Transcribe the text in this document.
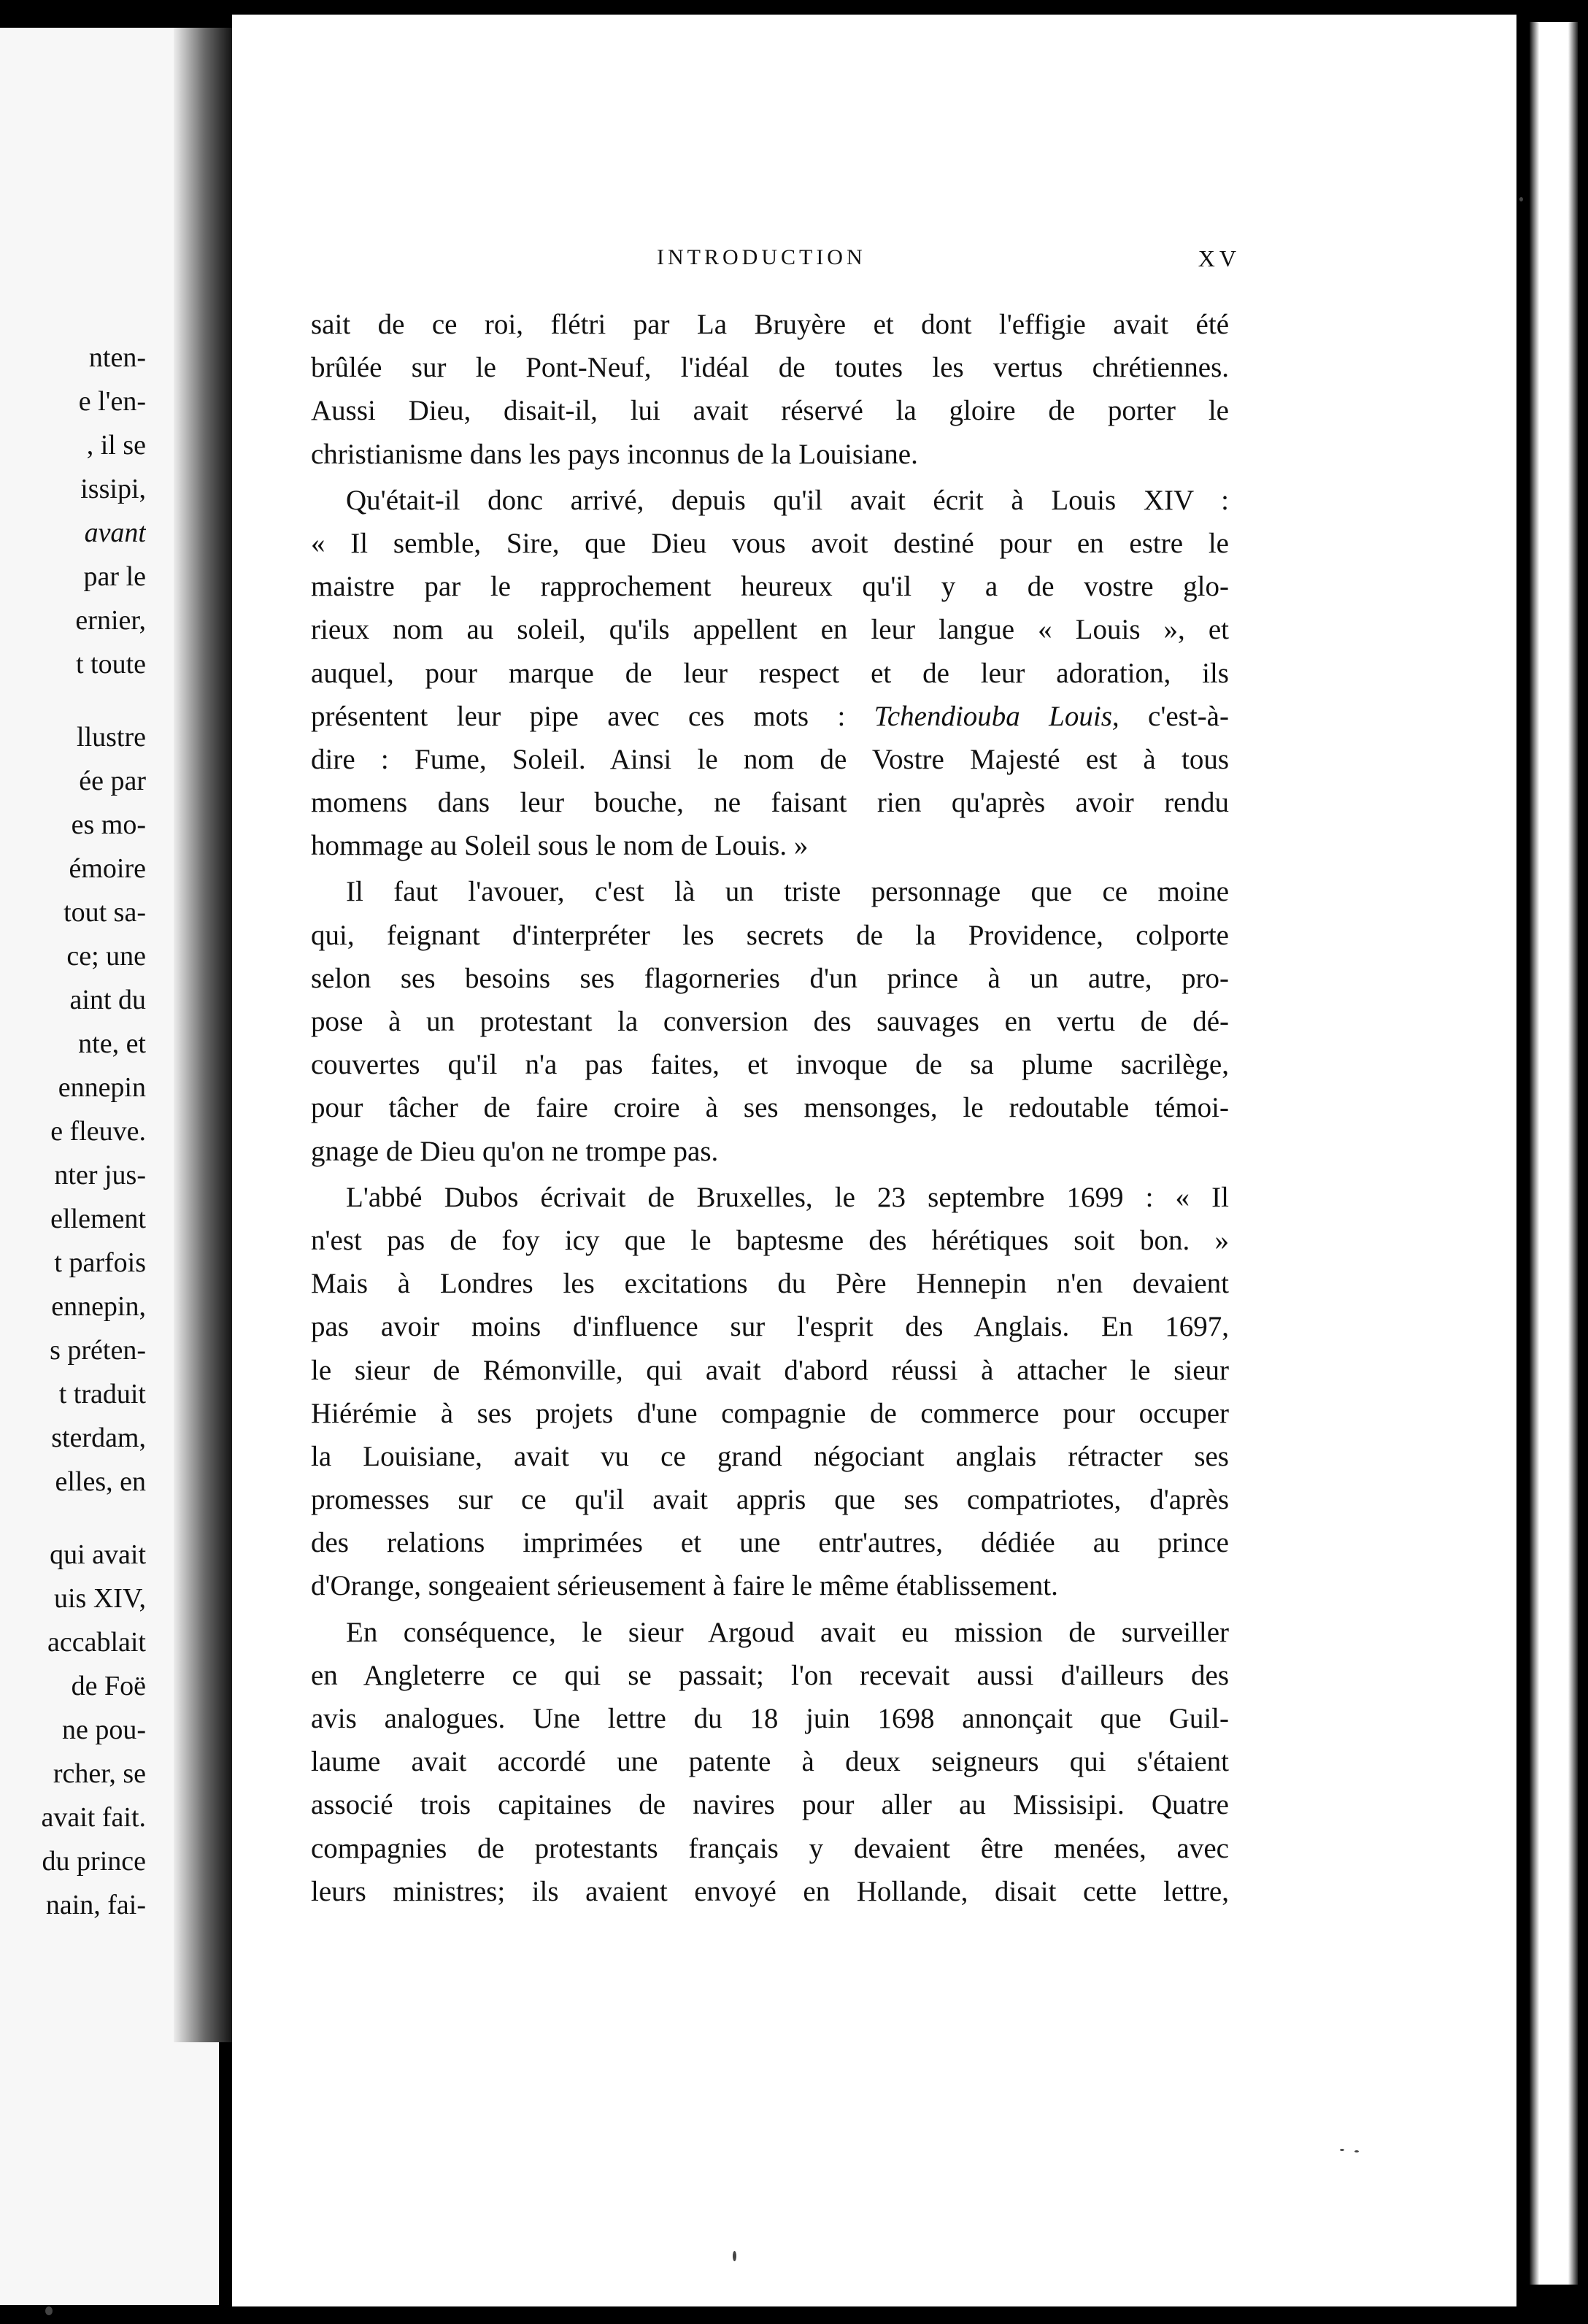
nten-
e l'en-
, il se
issipi,
avant
par le
ernier,
t toute
llustre
ée par
es mo-
émoire
tout sa-
ce; une
aint du
nte, et
ennepin
e fleuve.
nter jus-
ellement
t parfois
ennepin,
s préten-
t traduit
sterdam,
elles, en
qui avait
uis XIV,
accablait
de Foë
ne pou-
rcher, se
avait fait.
du prince
nain, fai-
INTRODUCTION	XV
sait de ce roi, flétri par La Bruyère et dont l'effigie avait été
brûlée sur le Pont-Neuf, l'idéal de toutes les vertus chrétiennes.
Aussi Dieu, disait-il, lui avait réservé la gloire de porter le
christianisme dans les pays inconnus de la Louisiane.
Qu'était-il donc arrivé, depuis qu'il avait écrit à Louis XIV :
« Il semble, Sire, que Dieu vous avoit destiné pour en estre le
maistre par le rapprochement heureux qu'il y a de vostre glo-
rieux nom au soleil, qu'ils appellent en leur langue « Louis », et
auquel, pour marque de leur respect et de leur adoration, ils
présentent leur pipe avec ces mots : Tchendiouba Louis, c'est-à-
dire : Fume, Soleil. Ainsi le nom de Vostre Majesté est à tous
momens dans leur bouche, ne faisant rien qu'après avoir rendu
hommage au Soleil sous le nom de Louis. »
Il faut l'avouer, c'est là un triste personnage que ce moine
qui, feignant d'interpréter les secrets de la Providence, colporte
selon ses besoins ses flagorneries d'un prince à un autre, pro-
pose à un protestant la conversion des sauvages en vertu de dé-
couvertes qu'il n'a pas faites, et invoque de sa plume sacrilège,
pour tâcher de faire croire à ses mensonges, le redoutable témoi-
gnage de Dieu qu'on ne trompe pas.
L'abbé Dubos écrivait de Bruxelles, le 23 septembre 1699 : « Il
n'est pas de foy icy que le baptesme des hérétiques soit bon. »
Mais à Londres les excitations du Père Hennepin n'en devaient
pas avoir moins d'influence sur l'esprit des Anglais. En 1697,
le sieur de Rémonville, qui avait d'abord réussi à attacher le sieur
Hiérémie à ses projets d'une compagnie de commerce pour occuper
la Louisiane, avait vu ce grand négociant anglais rétracter ses
promesses sur ce qu'il avait appris que ses compatriotes, d'après
des relations imprimées et une entr'autres, dédiée au prince
d'Orange, songeaient sérieusement à faire le même établissement.
En conséquence, le sieur Argoud avait eu mission de surveiller
en Angleterre ce qui se passait; l'on recevait aussi d'ailleurs des
avis analogues. Une lettre du 18 juin 1698 annonçait que Guil-
laume avait accordé une patente à deux seigneurs qui s'étaient
associé trois capitaines de navires pour aller au Missisipi. Quatre
compagnies de protestants français y devaient être menées, avec
leurs ministres; ils avaient envoyé en Hollande, disait cette lettre,
